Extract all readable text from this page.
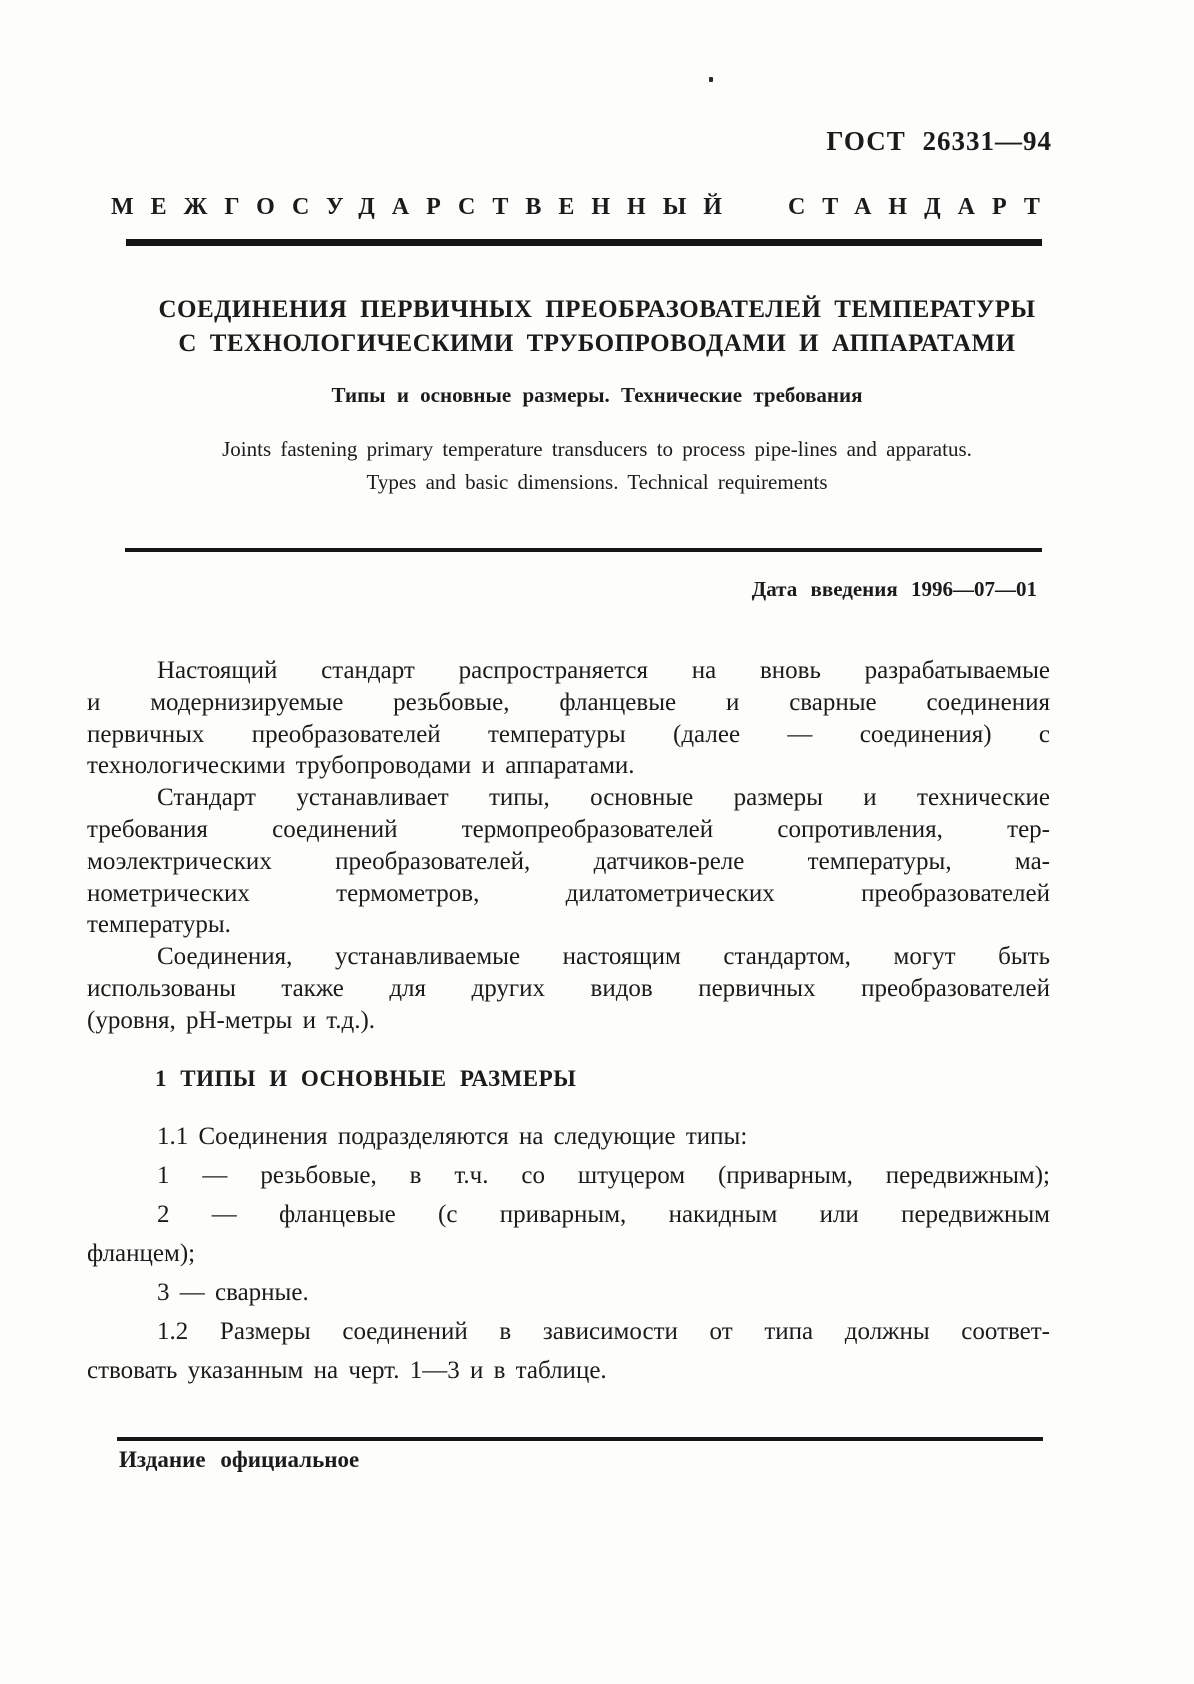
ГОСТ 26331—94
МЕЖГОСУДАРСТВЕННЫЙ СТАНДАРТ
СОЕДИНЕНИЯ ПЕРВИЧНЫХ ПРЕОБРАЗОВАТЕЛЕЙ ТЕМПЕРАТУРЫ
С ТЕХНОЛОГИЧЕСКИМИ ТРУБОПРОВОДАМИ И АППАРАТАМИ
Типы и основные размеры. Технические требования
Joints fastening primary temperature transducers to process pipe-lines and apparatus.
Types and basic dimensions. Technical requirements
Дата введения 1996—07—01
Настоящий стандарт распространяется на вновь разрабатываемые
и модернизируемые резьбовые, фланцевые и сварные соединения
первичных преобразователей температуры (далее — соединения) с
технологическими трубопроводами и аппаратами.
Стандарт устанавливает типы, основные размеры и технические
требования соединений термопреобразователей сопротивления, тер-
моэлектрических преобразователей, датчиков-реле температуры, ма-
нометрических термометров, дилатометрических преобразователей
температуры.
Соединения, устанавливаемые настоящим стандартом, могут быть
использованы также для других видов первичных преобразователей
(уровня, pH-метры и т.д.).
1 ТИПЫ И ОСНОВНЫЕ РАЗМЕРЫ
1.1 Соединения подразделяются на следующие типы:
1 — резьбовые, в т.ч. со штуцером (приварным, передвижным);
2 — фланцевые (с приварным, накидным или передвижным
фланцем);
3 — сварные.
1.2 Размеры соединений в зависимости от типа должны соответ-
ствовать указанным на черт. 1—3 и в таблице.
Издание официальное
